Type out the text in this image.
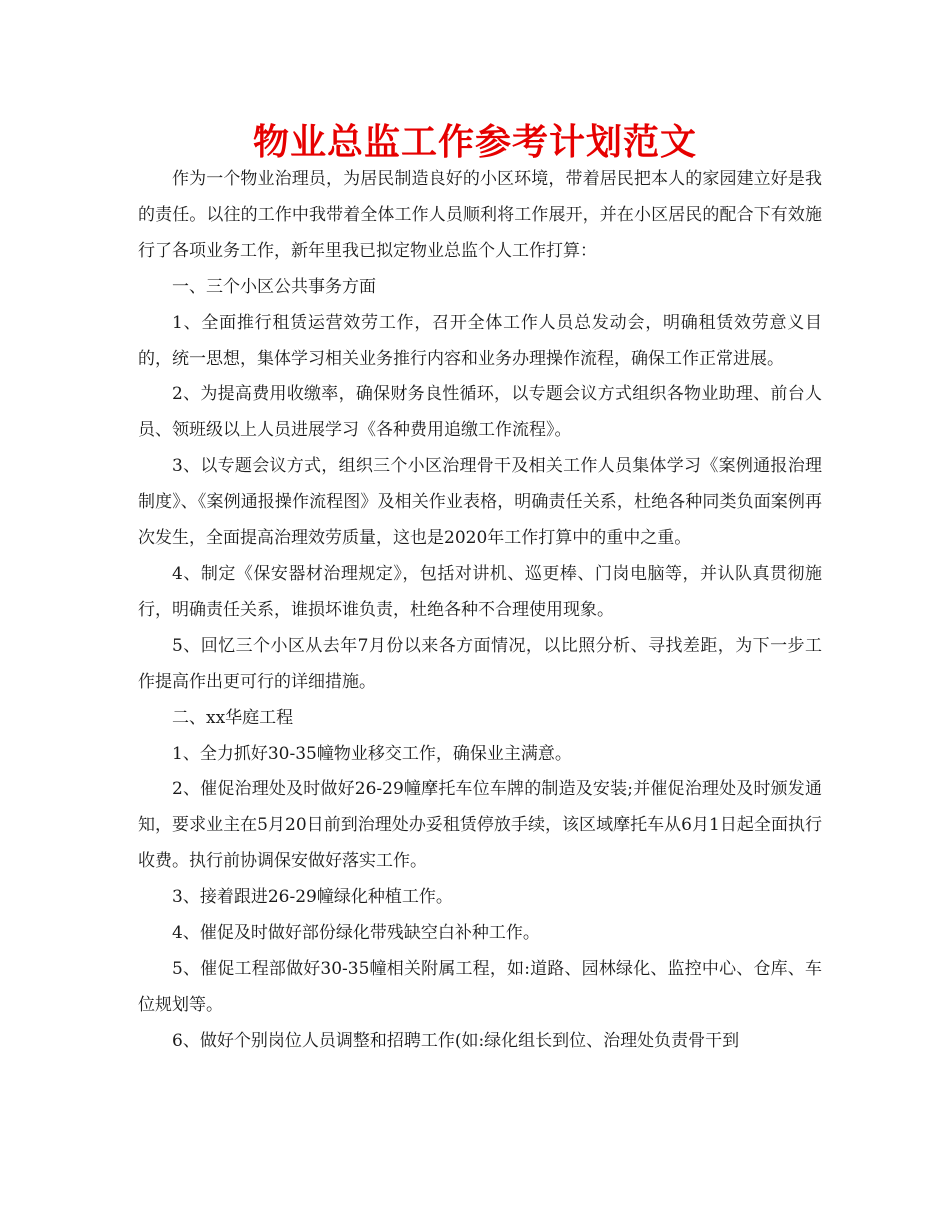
物业总监工作参考计划范文

作为一个物业治理员，为居民制造良好的小区环境，带着居民把本人的家园建立好是我的责任。以往的工作中我带着全体工作人员顺利将工作展开，并在小区居民的配合下有效施行了各项业务工作，新年里我已拟定物业总监个人工作打算：

一、三个小区公共事务方面

1、全面推行租赁运营效劳工作，召开全体工作人员总发动会，明确租赁效劳意义目的，统一思想，集体学习相关业务推行内容和业务办理操作流程，确保工作正常进展。

2、为提高费用收缴率，确保财务良性循环，以专题会议方式组织各物业助理、前台人员、领班级以上人员进展学习《各种费用追缴工作流程》。

3、以专题会议方式，组织三个小区治理骨干及相关工作人员集体学习《案例通报治理制度》、《案例通报操作流程图》及相关作业表格，明确责任关系，杜绝各种同类负面案例再次发生，全面提高治理效劳质量，这也是2020年工作打算中的重中之重。

4、制定《保安器材治理规定》，包括对讲机、巡更棒、门岗电脑等，并认队真贯彻施行，明确责任关系，谁损坏谁负责，杜绝各种不合理使用现象。

5、回忆三个小区从去年7月份以来各方面情况，以比照分析、寻找差距，为下一步工作提高作出更可行的详细措施。

二、xx华庭工程

1、全力抓好30-35幢物业移交工作，确保业主满意。

2、催促治理处及时做好26-29幢摩托车位车牌的制造及安装;并催促治理处及时颁发通知，要求业主在5月20日前到治理处办妥租赁停放手续，该区域摩托车从6月1日起全面执行收费。执行前协调保安做好落实工作。

3、接着跟进26-29幢绿化种植工作。

4、催促及时做好部份绿化带残缺空白补种工作。

5、催促工程部做好30-35幢相关附属工程，如:道路、园林绿化、监控中心、仓库、车位规划等。

6、做好个别岗位人员调整和招聘工作(如:绿化组长到位、治理处负责骨干到
